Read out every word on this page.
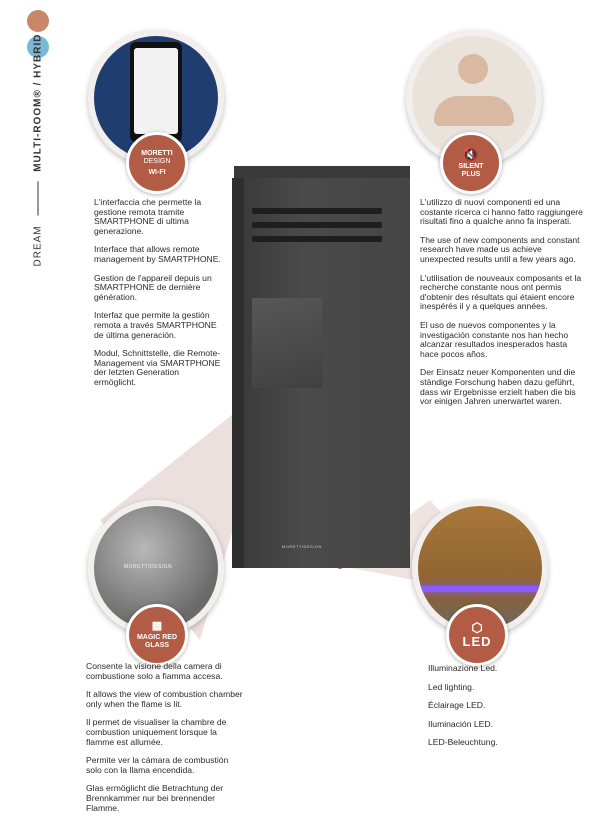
DREAM  MULTI-ROOM® / HYBRID
MORETTIDESIGN
MORETTI
DESIGN
WI-FI
🔇
SILENT
PLUS
MORETTIDESIGN
▦
MAGIC RED
GLASS
⬡
LED

L'interfaccia che permette la gestione remota tramite SMARTPHONE di ultima generazione.

Interface that allows remote management by SMARTPHONE.

Gestion de l'appareil depuis un SMARTPHONE de dernière génération.

Interfaz que permite la gestión remota a través SMARTPHONE de última generación.

Modul, Schnittstelle, die Remote-Management via SMARTPHONE der letzten Generation ermöglicht.

L'utilizzo di nuovi componenti ed una costante ricerca ci hanno fatto raggiungere risultati fino a qualche anno fa insperati.

The use of new components and constant research have made us achieve unexpected results until a few years ago.

L'utilisation de nouveaux composants et la recherche constante nous ont permis d'obtenir des résultats qui étaient encore inespérés il y a quelques années.

El uso de nuevos componentes y la investigación constante nos han hecho alcanzar resultados inesperados hasta hace pocos años.

Der Einsatz neuer Komponenten und die ständige Forschung haben dazu geführt, dass wir Ergebnisse erzielt haben die bis vor einigen Jahren unerwartet waren.

Consente la visione della camera di combustione solo a fiamma accesa.

It allows the view of combustion chamber only when the flame is lit.

Il permet de visualiser la chambre de combustion uniquement lorsque la flamme est allumée.

Permite ver la cámara de combustión solo con la llama encendida.

Glas ermöglicht die Betrachtung der Brennkammer nur bei brennender Flamme.

Illuminazione Led.

Led lighting.

Éclairage LED.

Iluminación LED.

LED-Beleuchtung.
